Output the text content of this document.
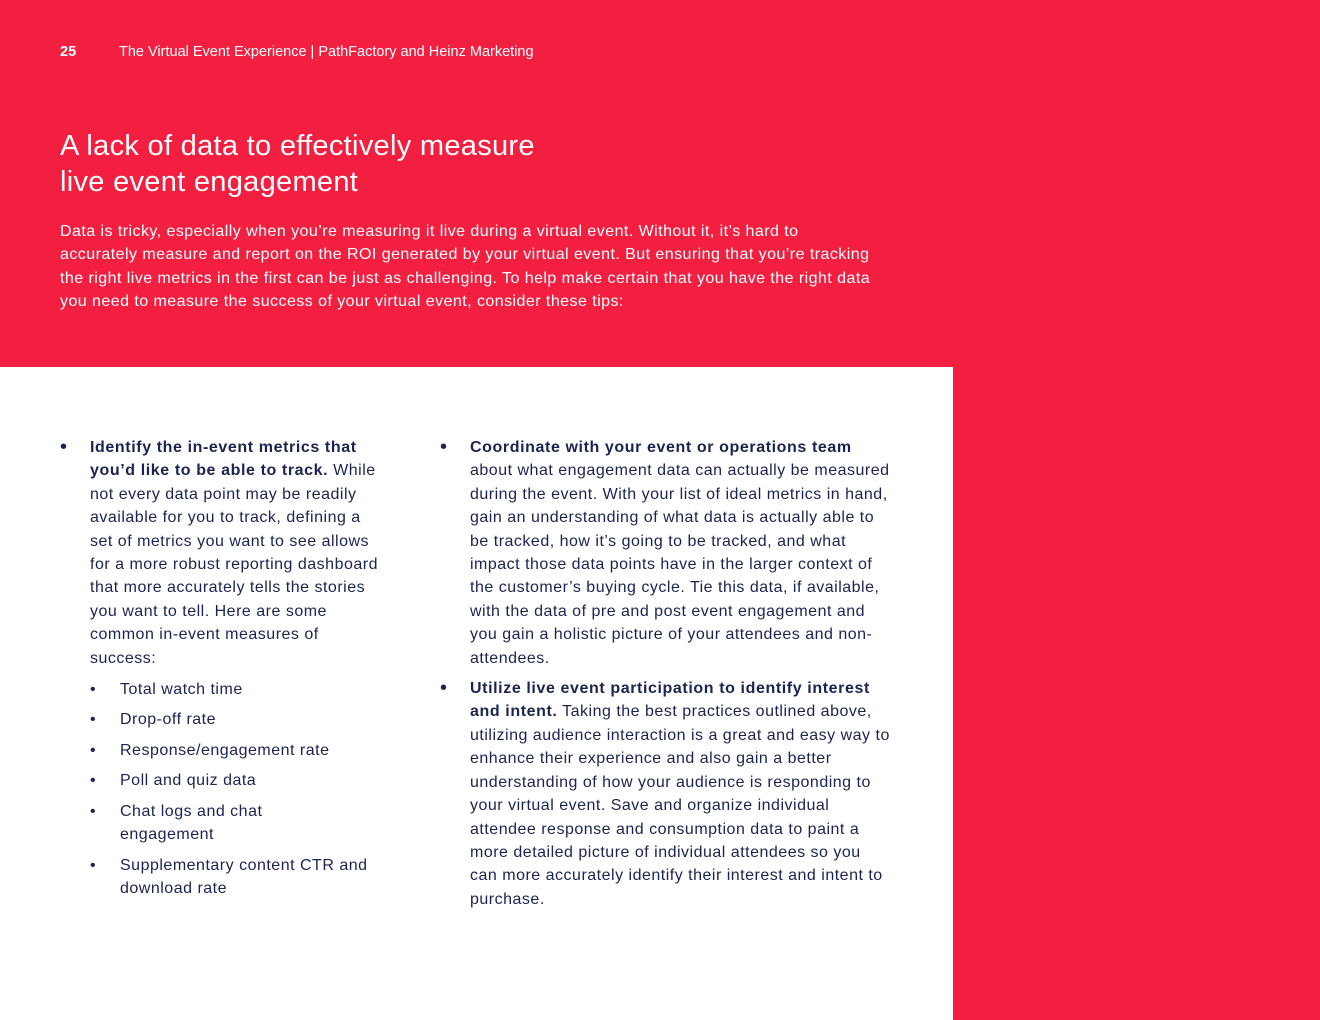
25	The Virtual Event Experience | PathFactory and Heinz Marketing
A lack of data to effectively measure live event engagement

Data is tricky, especially when you’re measuring it live during a virtual event. Without it, it’s hard to accurately measure and report on the ROI generated by your virtual event. But ensuring that you’re tracking the right live metrics in the first can be just as challenging. To help make certain that you have the right data you need to measure the success of your virtual event, consider these tips:

• Identify the in-event metrics that you’d like to be able to track. While not every data point may be readily available for you to track, defining a set of metrics you want to see allows for a more robust reporting dashboard that more accurately tells the stories you want to tell. Here are some common in-event measures of success:
• Total watch time
• Drop-off rate
• Response/engagement rate
• Poll and quiz data
• Chat logs and chat engagement
• Supplementary content CTR and download rate
• Coordinate with your event or operations team about what engagement data can actually be measured during the event. With your list of ideal metrics in hand, gain an understanding of what data is actually able to be tracked, how it’s going to be tracked, and what impact those data points have in the larger context of the customer’s buying cycle. Tie this data, if available, with the data of pre and post event engagement and you gain a holistic picture of your attendees and non-attendees.
• Utilize live event participation to identify interest and intent. Taking the best practices outlined above, utilizing audience interaction is a great and easy way to enhance their experience and also gain a better understanding of how your audience is responding to your virtual event. Save and organize individual attendee response and consumption data to paint a more detailed picture of individual attendees so you can more accurately identify their interest and intent to purchase.
